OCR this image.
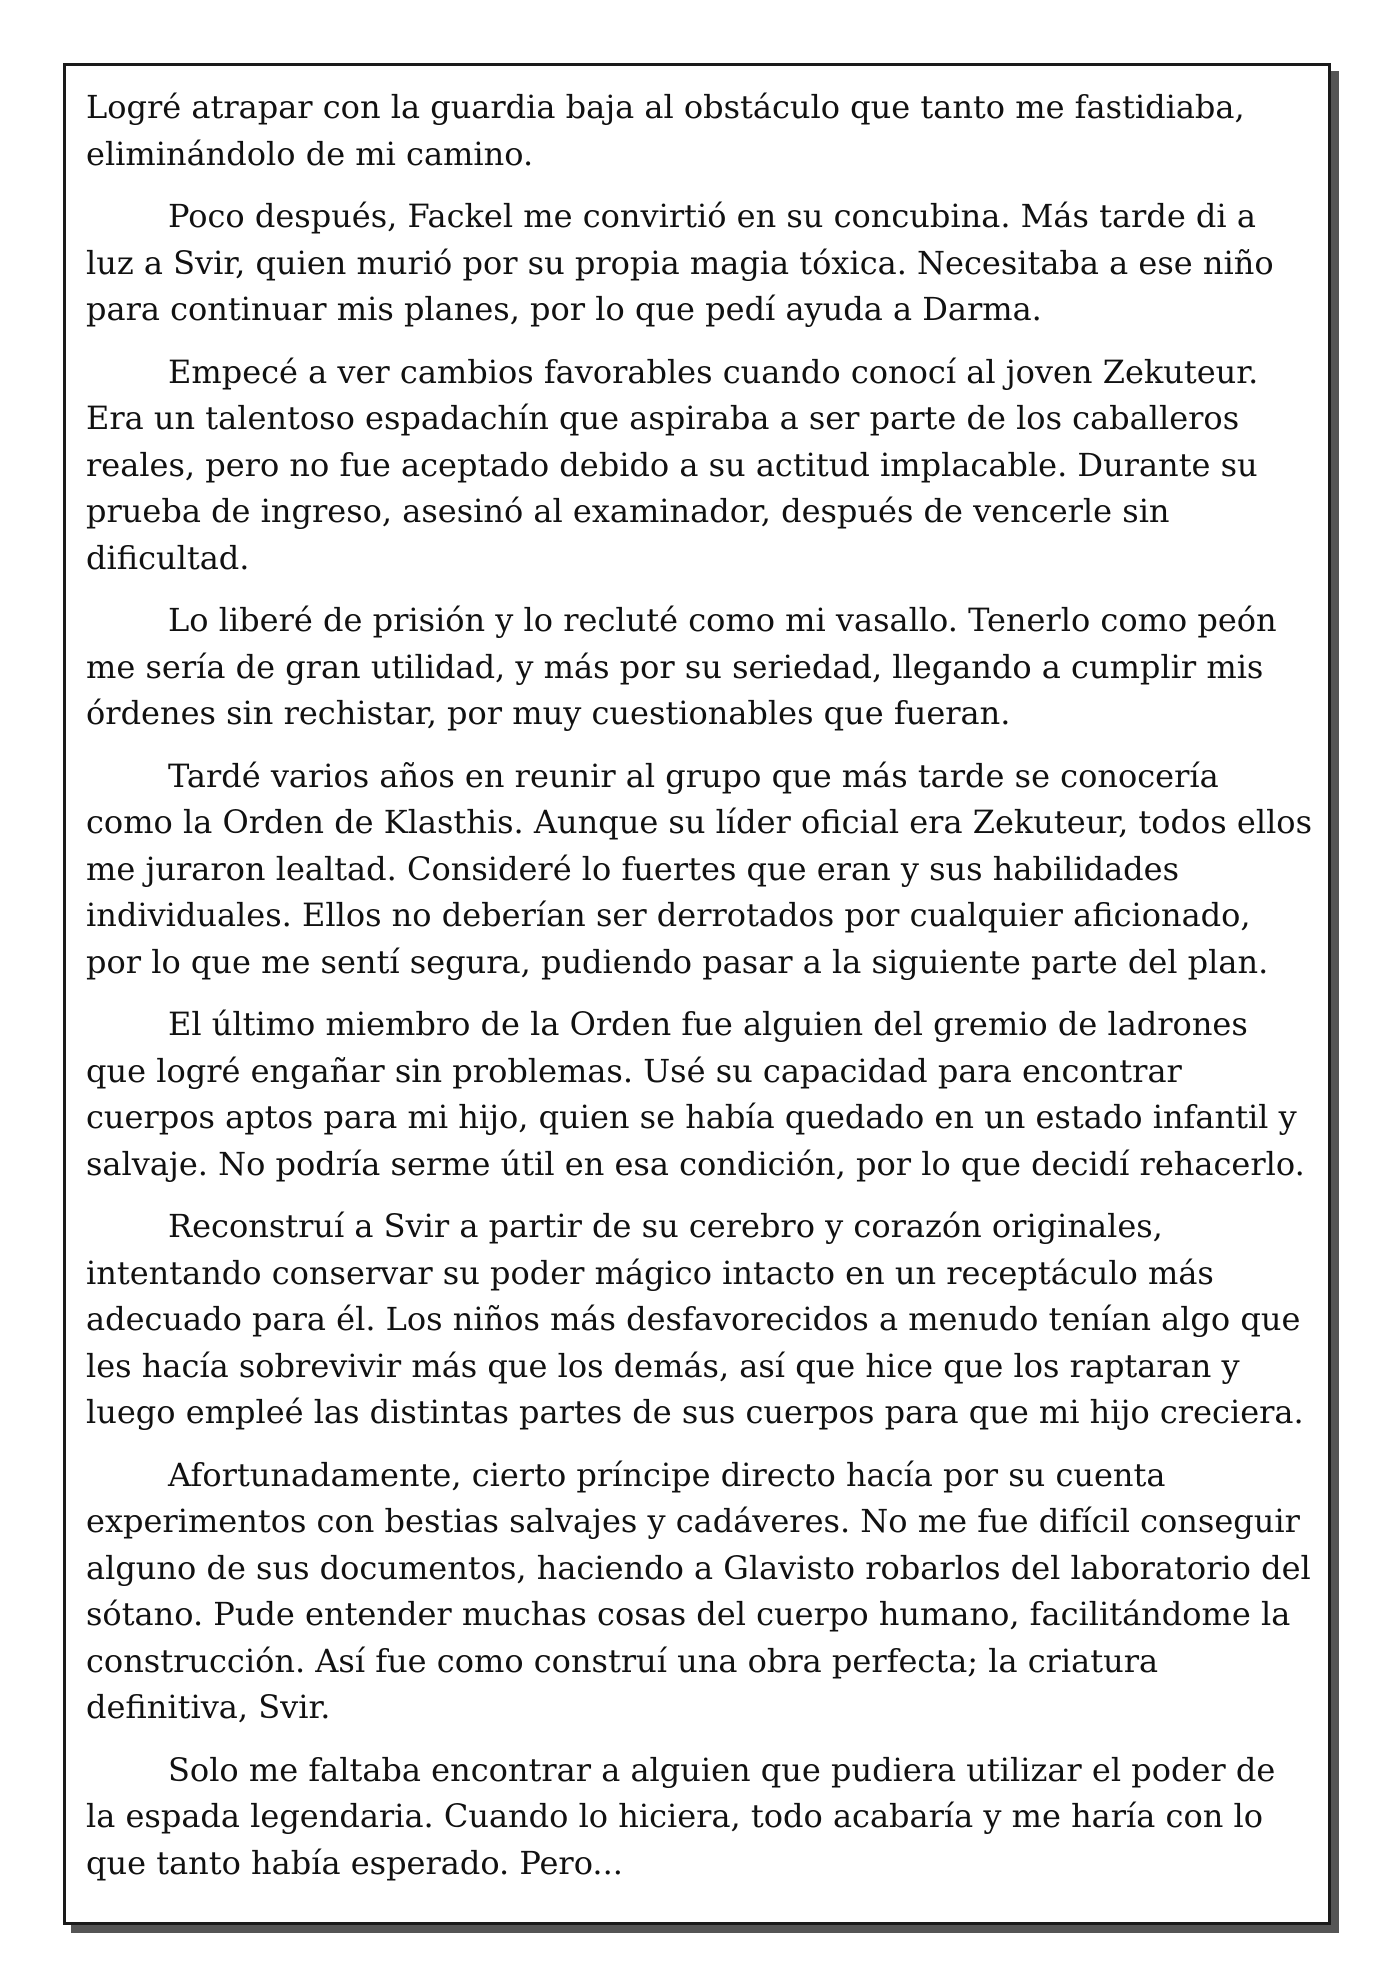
Logré atrapar con la guardia baja al obstáculo que tanto me fastidiaba, eliminándolo de mi camino.

Poco después, Fackel me convirtió en su concubina. Más tarde di a luz a Svir, quien murió por su propia magia tóxica. Necesitaba a ese niño para continuar mis planes, por lo que pedí ayuda a Darma.

Empecé a ver cambios favorables cuando conocí al joven Zekuteur. Era un talentoso espadachín que aspiraba a ser parte de los caballeros reales, pero no fue aceptado debido a su actitud implacable. Durante su prueba de ingreso, asesinó al examinador, después de vencerle sin dificultad.

Lo liberé de prisión y lo recluté como mi vasallo. Tenerlo como peón me sería de gran utilidad, y más por su seriedad, llegando a cumplir mis órdenes sin rechistar, por muy cuestionables que fueran.

Tardé varios años en reunir al grupo que más tarde se conocería como la Orden de Klasthis. Aunque su líder oficial era Zekuteur, todos ellos me juraron lealtad. Consideré lo fuertes que eran y sus habilidades individuales. Ellos no deberían ser derrotados por cualquier aficionado, por lo que me sentí segura, pudiendo pasar a la siguiente parte del plan.

El último miembro de la Orden fue alguien del gremio de ladrones que logré engañar sin problemas. Usé su capacidad para encontrar cuerpos aptos para mi hijo, quien se había quedado en un estado infantil y salvaje. No podría serme útil en esa condición, por lo que decidí rehacerlo.

Reconstruí a Svir a partir de su cerebro y corazón originales, intentando conservar su poder mágico intacto en un receptáculo más adecuado para él. Los niños más desfavorecidos a menudo tenían algo que les hacía sobrevivir más que los demás, así que hice que los raptaran y luego empleé las distintas partes de sus cuerpos para que mi hijo creciera.

Afortunadamente, cierto príncipe directo hacía por su cuenta experimentos con bestias salvajes y cadáveres. No me fue difícil conseguir alguno de sus documentos, haciendo a Glavisto robarlos del laboratorio del sótano. Pude entender muchas cosas del cuerpo humano, facilitándome la construcción. Así fue como construí una obra perfecta; la criatura definitiva, Svir.

Solo me faltaba encontrar a alguien que pudiera utilizar el poder de la espada legendaria. Cuando lo hiciera, todo acabaría y me haría con lo que tanto había esperado. Pero...
